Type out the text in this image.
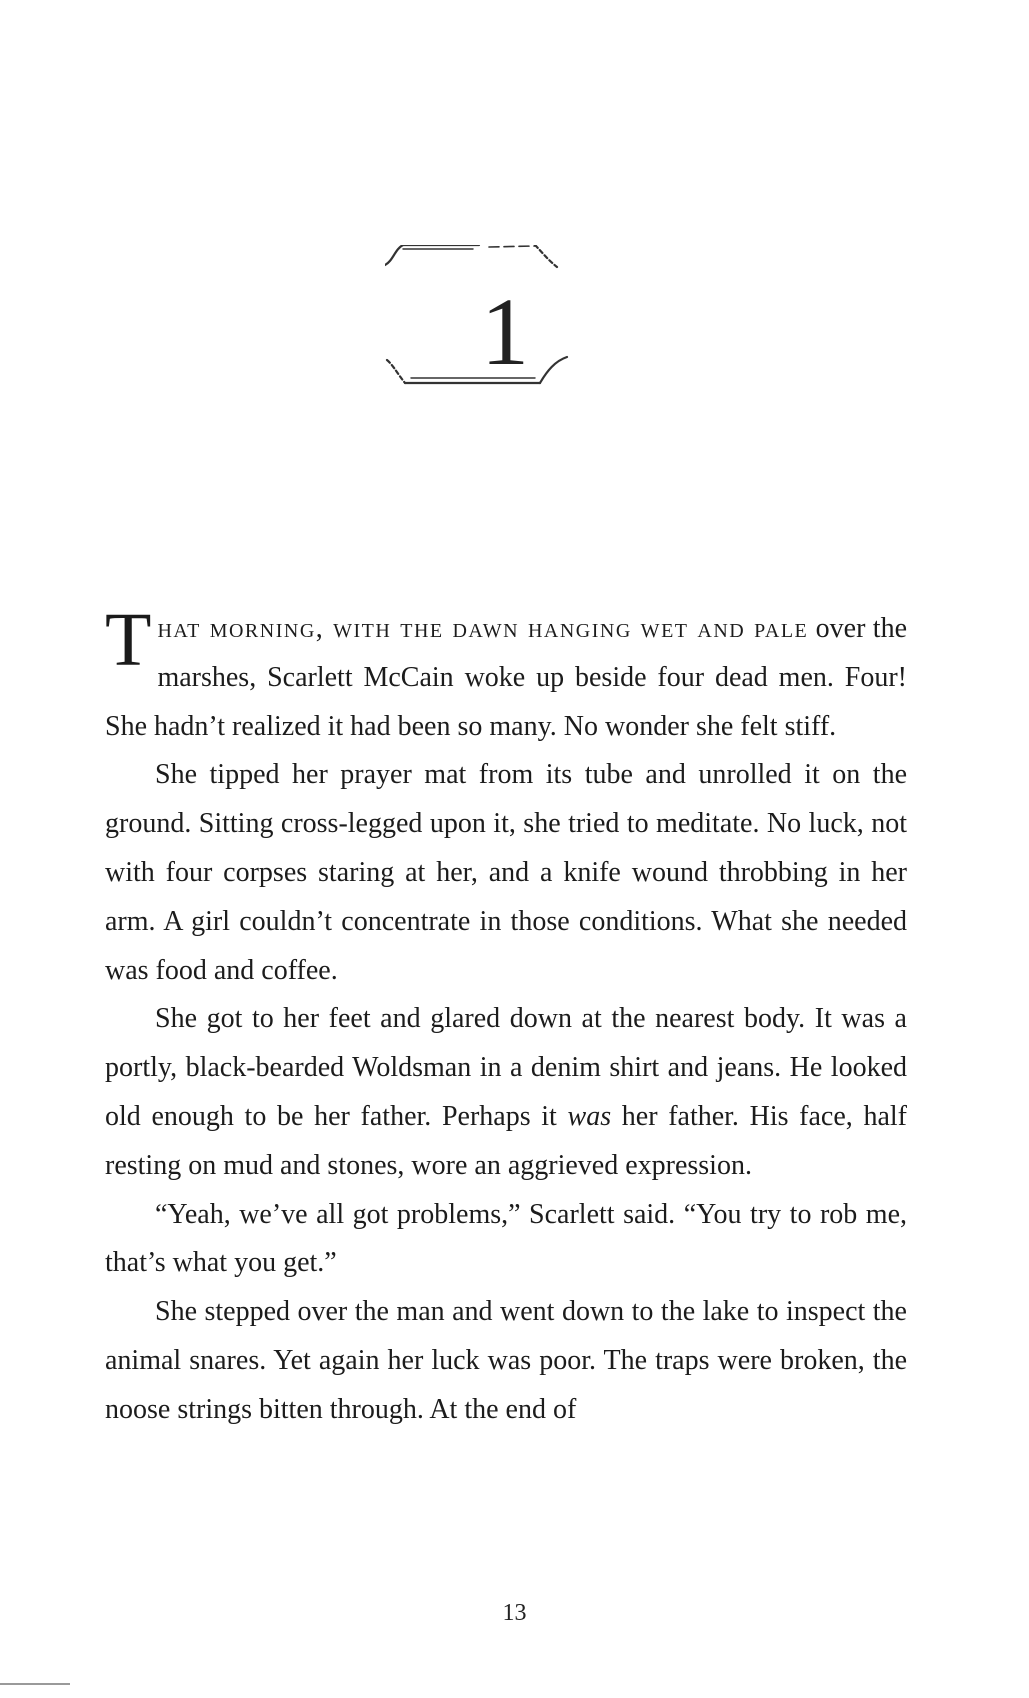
1

That morning, with the dawn hanging wet and pale over the marshes, Scarlett McCain woke up beside four dead men. Four! She hadn’t realized it had been so many. No wonder she felt stiff.

She tipped her prayer mat from its tube and unrolled it on the ground. Sitting cross-legged upon it, she tried to meditate. No luck, not with four corpses staring at her, and a knife wound throbbing in her arm. A girl couldn’t concentrate in those conditions. What she needed was food and coffee.

She got to her feet and glared down at the nearest body. It was a portly, black-bearded Woldsman in a denim shirt and jeans. He looked old enough to be her father. Perhaps it was her father. His face, half resting on mud and stones, wore an aggrieved expression.

“Yeah, we’ve all got problems,” Scarlett said. “You try to rob me, that’s what you get.”

She stepped over the man and went down to the lake to inspect the animal snares. Yet again her luck was poor. The traps were broken, the noose strings bitten through. At the end of

13
